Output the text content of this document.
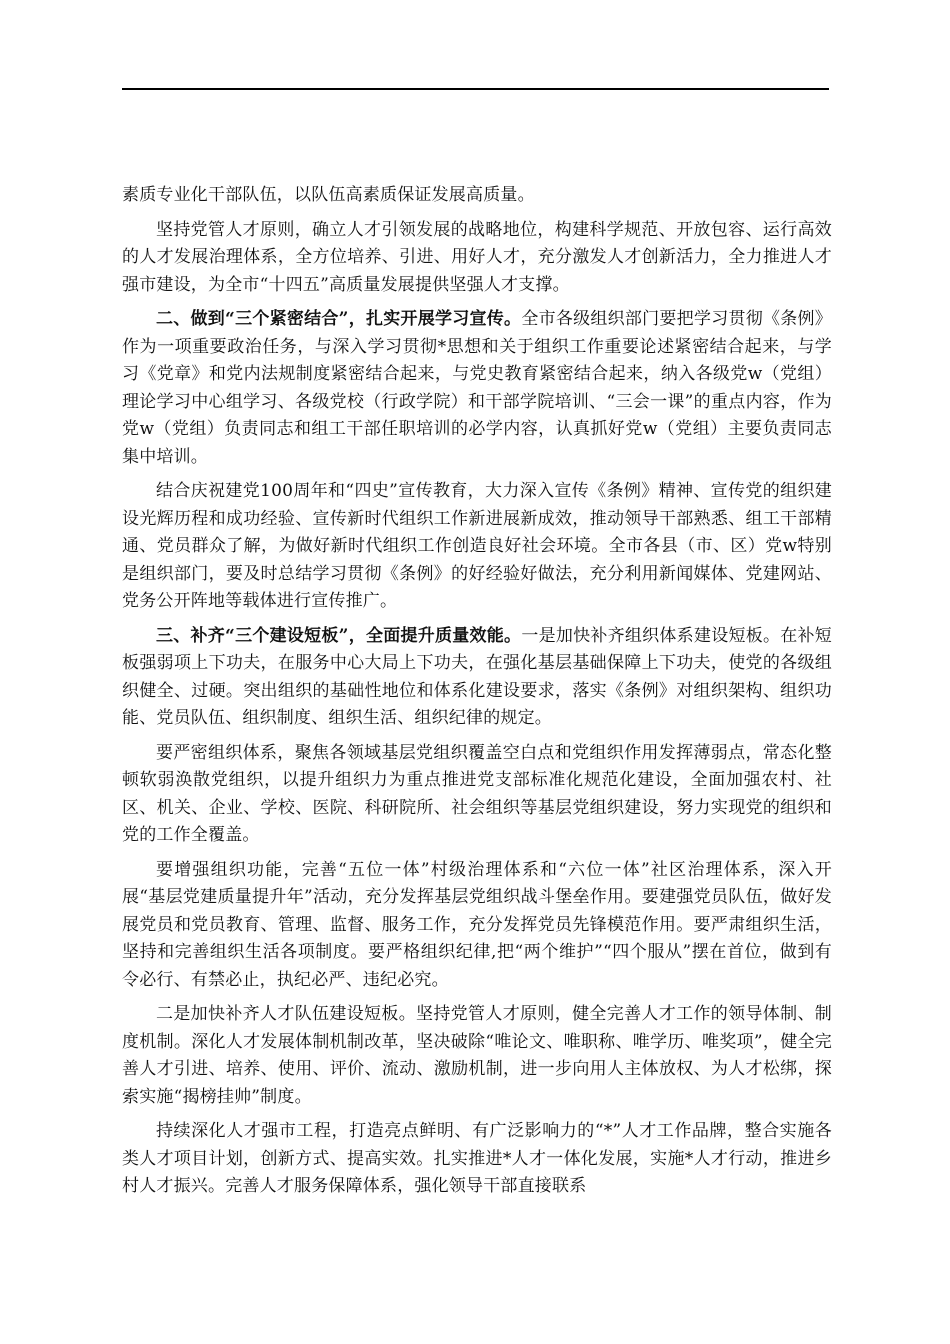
素质专业化干部队伍，以队伍高素质保证发展高质量。

坚持党管人才原则，确立人才引领发展的战略地位，构建科学规范、开放包容、运行高效的人才发展治理体系，全方位培养、引进、用好人才，充分激发人才创新活力，全力推进人才强市建设，为全市“十四五”高质量发展提供坚强人才支撑。

二、做到“三个紧密结合”，扎实开展学习宣传。全市各级组织部门要把学习贯彻《条例》作为一项重要政治任务，与深入学习贯彻*思想和关于组织工作重要论述紧密结合起来，与学习《党章》和党内法规制度紧密结合起来，与党史教育紧密结合起来，纳入各级党w（党组）理论学习中心组学习、各级党校（行政学院）和干部学院培训、“三会一课”的重点内容，作为党w（党组）负责同志和组工干部任职培训的必学内容，认真抓好党w（党组）主要负责同志集中培训。

结合庆祝建党100周年和“四史”宣传教育，大力深入宣传《条例》精神、宣传党的组织建设光辉历程和成功经验、宣传新时代组织工作新进展新成效，推动领导干部熟悉、组工干部精通、党员群众了解，为做好新时代组织工作创造良好社会环境。全市各县（市、区）党w特别是组织部门，要及时总结学习贯彻《条例》的好经验好做法，充分利用新闻媒体、党建网站、党务公开阵地等载体进行宣传推广。

三、补齐“三个建设短板”，全面提升质量效能。一是加快补齐组织体系建设短板。在补短板强弱项上下功夫，在服务中心大局上下功夫，在强化基层基础保障上下功夫，使党的各级组织健全、过硬。突出组织的基础性地位和体系化建设要求，落实《条例》对组织架构、组织功能、党员队伍、组织制度、组织生活、组织纪律的规定。

要严密组织体系，聚焦各领域基层党组织覆盖空白点和党组织作用发挥薄弱点，常态化整顿软弱涣散党组织，以提升组织力为重点推进党支部标准化规范化建设，全面加强农村、社区、机关、企业、学校、医院、科研院所、社会组织等基层党组织建设，努力实现党的组织和党的工作全覆盖。

要增强组织功能，完善“五位一体”村级治理体系和“六位一体”社区治理体系，深入开展“基层党建质量提升年”活动，充分发挥基层党组织战斗堡垒作用。要建强党员队伍，做好发展党员和党员教育、管理、监督、服务工作，充分发挥党员先锋模范作用。要严肃组织生活，坚持和完善组织生活各项制度。要严格组织纪律,把“两个维护”“四个服从”摆在首位，做到有令必行、有禁必止，执纪必严、违纪必究。

二是加快补齐人才队伍建设短板。坚持党管人才原则，健全完善人才工作的领导体制、制度机制。深化人才发展体制机制改革，坚决破除“唯论文、唯职称、唯学历、唯奖项”，健全完善人才引进、培养、使用、评价、流动、激励机制，进一步向用人主体放权、为人才松绑，探索实施“揭榜挂帅”制度。

持续深化人才强市工程，打造亮点鲜明、有广泛影响力的“*”人才工作品牌，整合实施各类人才项目计划，创新方式、提高实效。扎实推进*人才一体化发展，实施*人才行动，推进乡村人才振兴。完善人才服务保障体系，强化领导干部直接联系
